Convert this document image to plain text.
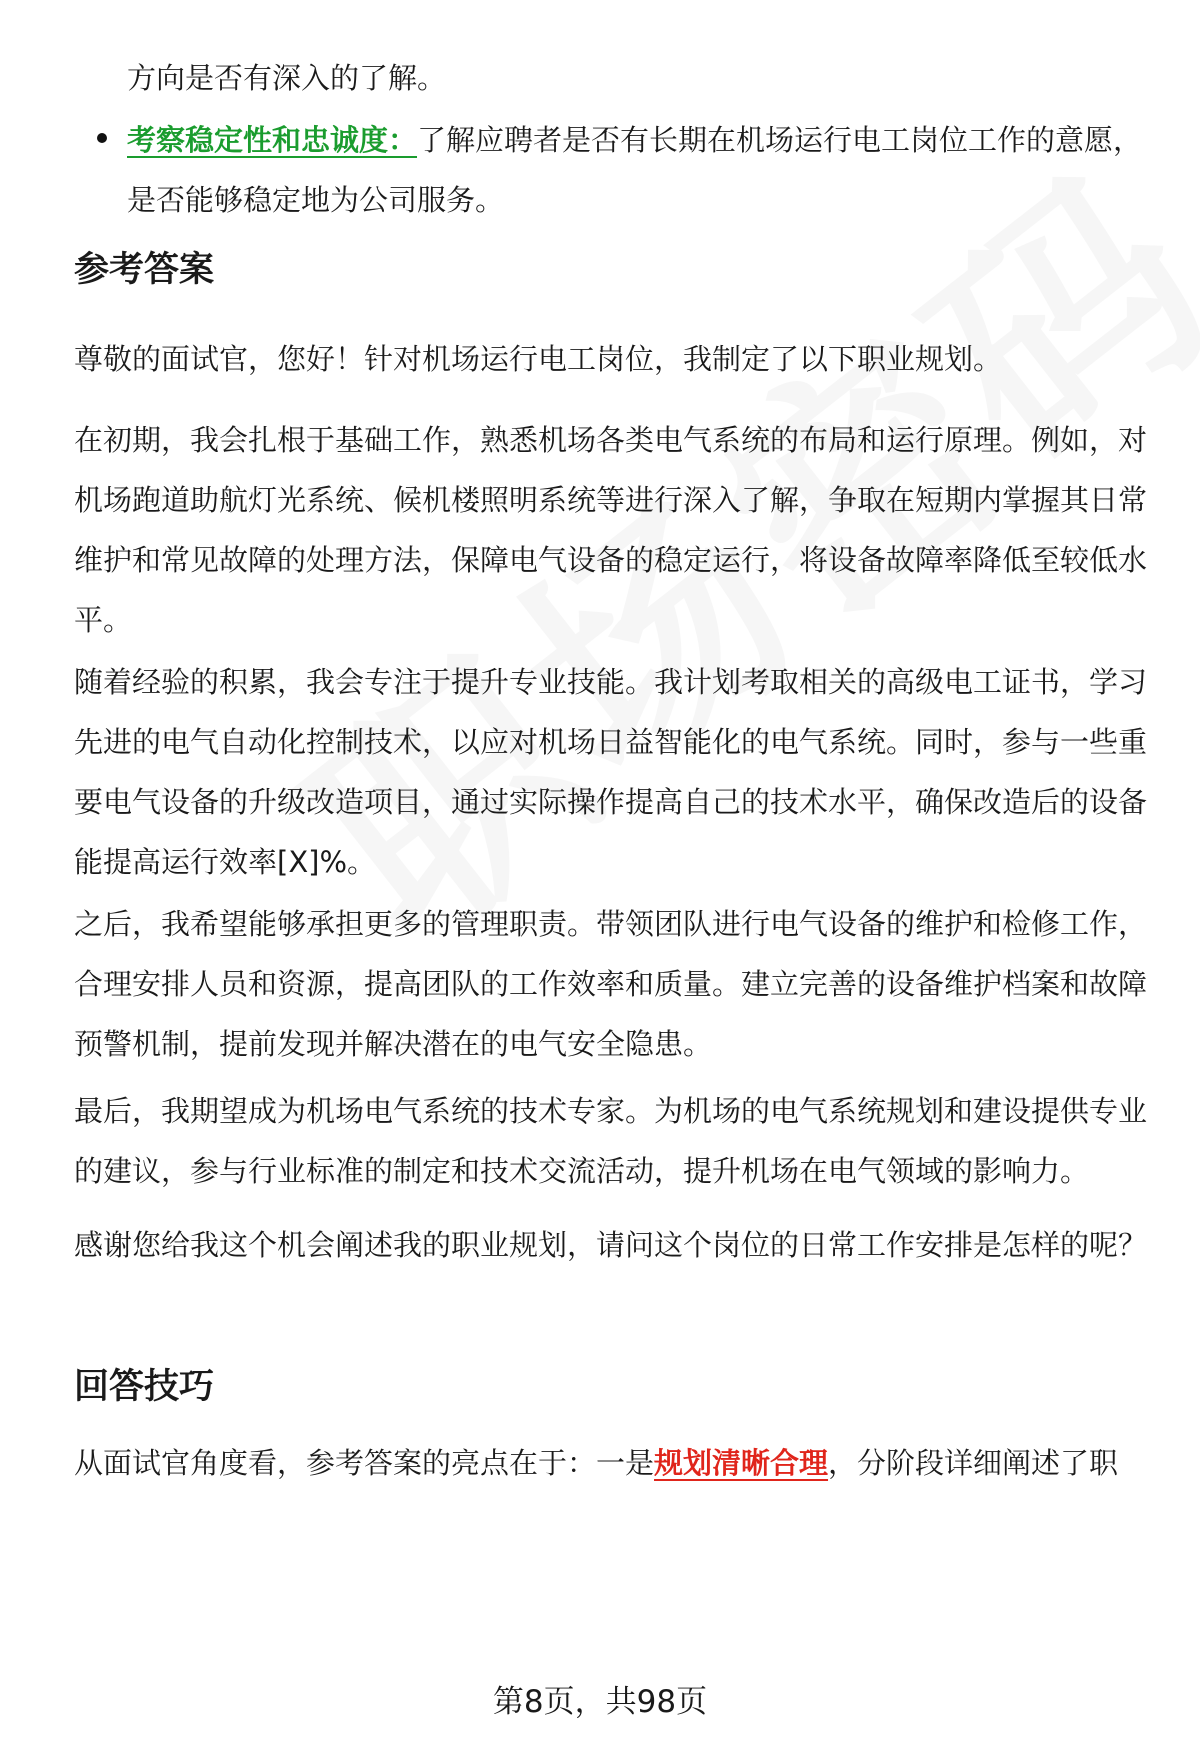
方向是否有深入的了解。

考察稳定性和忠诚度：了解应聘者是否有长期在机场运行电工岗位工作的意愿，是否能够稳定地为公司服务。

参考答案

尊敬的面试官，您好！针对机场运行电工岗位，我制定了以下职业规划。

在初期，我会扎根于基础工作，熟悉机场各类电气系统的布局和运行原理。例如，对机场跑道助航灯光系统、候机楼照明系统等进行深入了解，争取在短期内掌握其日常维护和常见故障的处理方法，保障电气设备的稳定运行，将设备故障率降低至较低水平。

随着经验的积累，我会专注于提升专业技能。我计划考取相关的高级电工证书，学习先进的电气自动化控制技术，以应对机场日益智能化的电气系统。同时，参与一些重要电气设备的升级改造项目，通过实际操作提高自己的技术水平，确保改造后的设备能提高运行效率[X]%。

之后，我希望能够承担更多的管理职责。带领团队进行电气设备的维护和检修工作，合理安排人员和资源，提高团队的工作效率和质量。建立完善的设备维护档案和故障预警机制，提前发现并解决潜在的电气安全隐患。

最后，我期望成为机场电气系统的技术专家。为机场的电气系统规划和建设提供专业的建议，参与行业标准的制定和技术交流活动，提升机场在电气领域的影响力。

感谢您给我这个机会阐述我的职业规划，请问这个岗位的日常工作安排是怎样的呢？

回答技巧

从面试官角度看，参考答案的亮点在于：一是规划清晰合理，分阶段详细阐述了职

第8页，共98页
